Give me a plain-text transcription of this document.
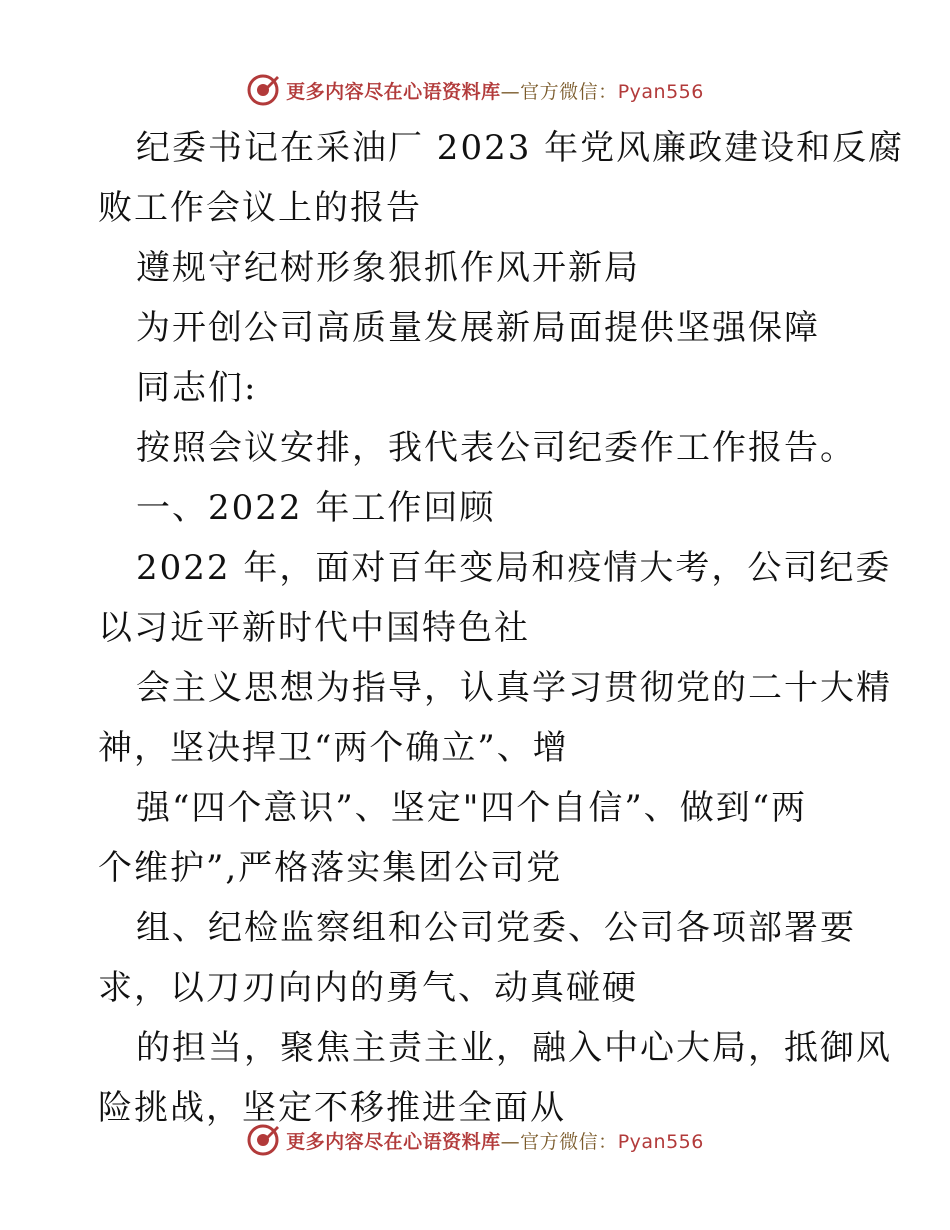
更多内容尽在心语资料库—官方微信：Pyan556
纪委书记在采油厂 2023 年党风廉政建设和反腐
败工作会议上的报告
遵规守纪树形象狠抓作风开新局
为开创公司高质量发展新局面提供坚强保障
同志们:
按照会议安排，我代表公司纪委作工作报告。
一、2022 年工作回顾
2022 年，面对百年变局和疫情大考，公司纪委
以习近平新时代中国特色社
会主义思想为指导，认真学习贯彻党的二十大精
神，坚决捍卫“两个确立”、增
强“四个意识”、坚定"四个自信”、做到“两
个维护”,严格落实集团公司党
组、纪检监察组和公司党委、公司各项部署要
求，以刀刃向内的勇气、动真碰硬
的担当，聚焦主责主业，融入中心大局，抵御风
险挑战，坚定不移推进全面从
更多内容尽在心语资料库—官方微信：Pyan556
